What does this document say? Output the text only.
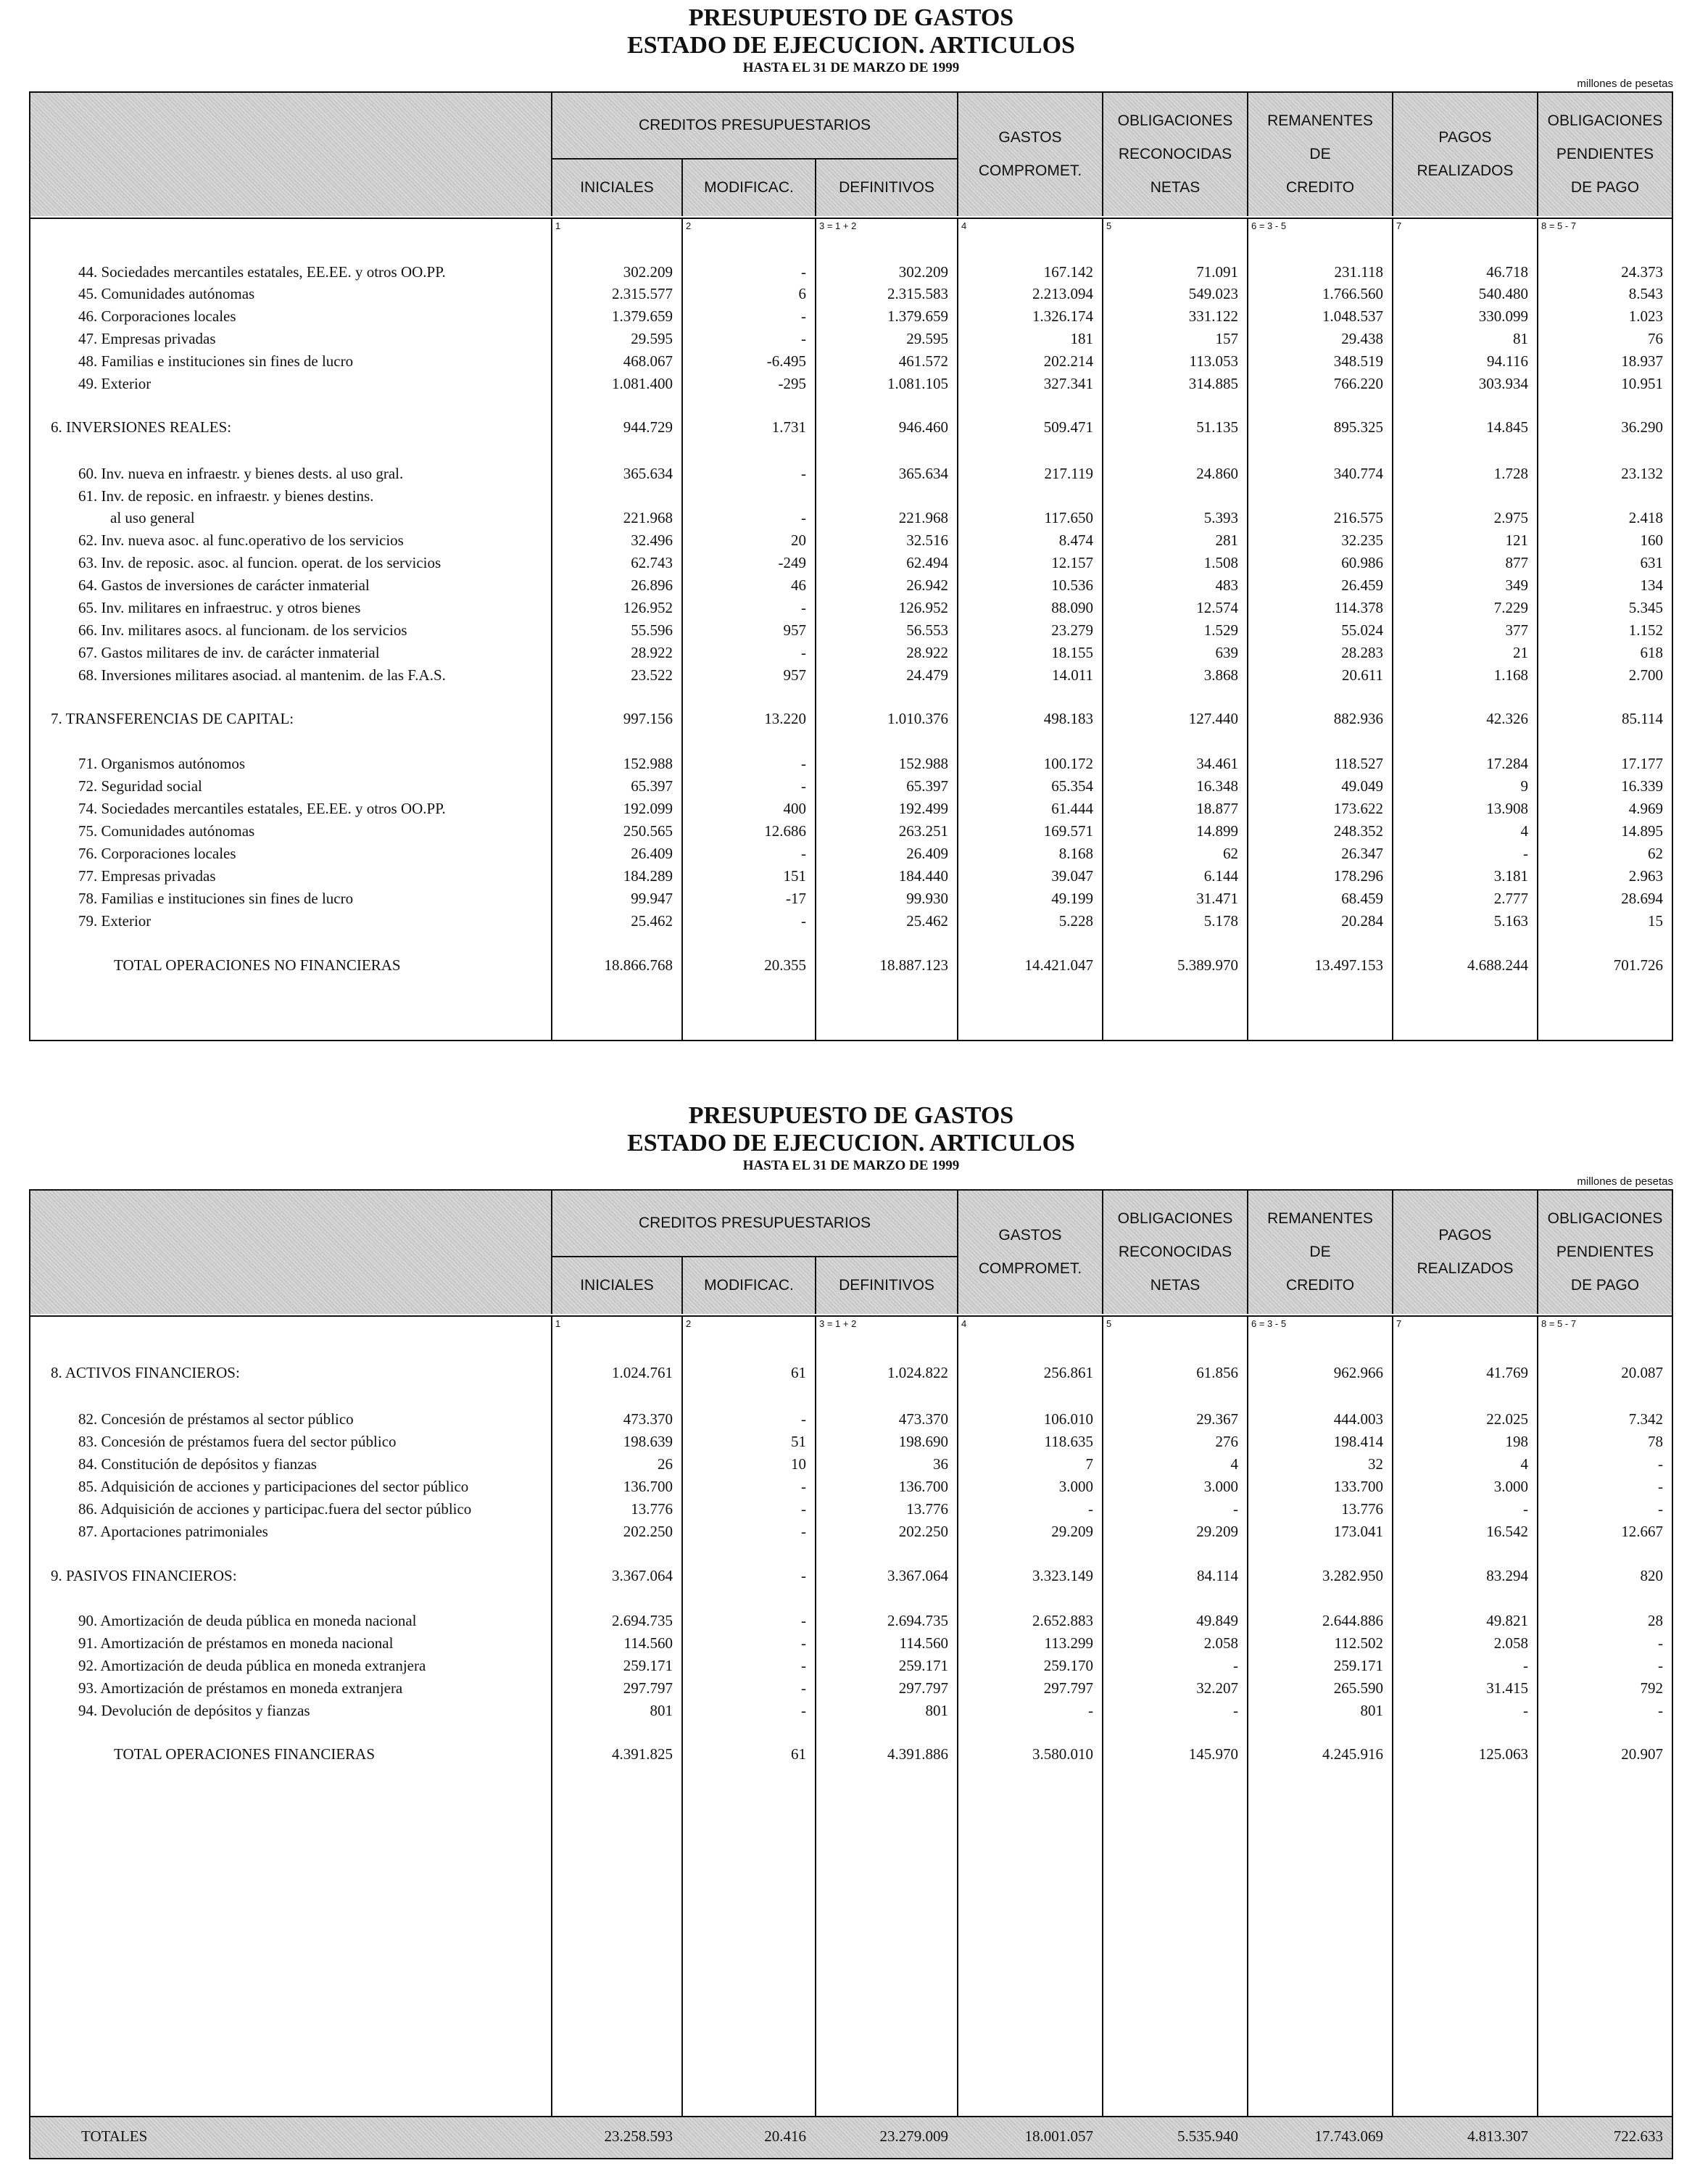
PRESUPUESTO DE GASTOS
ESTADO DE EJECUCION. ARTICULOS
HASTA EL 31 DE MARZO DE 1999
millones de pesetas
CREDITOS PRESUPUESTARIOS
INICIALES	MODIFICAC.	DEFINITIVOS
GASTOS
COMPROMET.
OBLIGACIONES
RECONOCIDAS
NETAS
REMANENTES
DE
CREDITO
PAGOS
REALIZADOS
OBLIGACIONES
PENDIENTES
DE PAGO
1	2	3 = 1 + 2	4	5	6 = 3 - 5	7	8 = 5 - 7
44. Sociedades mercantiles estatales, EE.EE. y otros OO.PP.	302.209	-	302.209	167.142	71.091	231.118	46.718	24.373
45. Comunidades autónomas	2.315.577	6	2.315.583	2.213.094	549.023	1.766.560	540.480	8.543
46. Corporaciones locales	1.379.659	-	1.379.659	1.326.174	331.122	1.048.537	330.099	1.023
47. Empresas privadas	29.595	-	29.595	181	157	29.438	81	76
48. Familias e instituciones sin fines de lucro	468.067	-6.495	461.572	202.214	113.053	348.519	94.116	18.937
49. Exterior	1.081.400	-295	1.081.105	327.341	314.885	766.220	303.934	10.951
6. INVERSIONES REALES:	944.729	1.731	946.460	509.471	51.135	895.325	14.845	36.290
60. Inv. nueva en infraestr. y bienes dests. al uso gral.	365.634	-	365.634	217.119	24.860	340.774	1.728	23.132
61. Inv. de reposic. en infraestr. y bienes destins.
al uso general	221.968	-	221.968	117.650	5.393	216.575	2.975	2.418
62. Inv. nueva asoc. al func.operativo de los servicios	32.496	20	32.516	8.474	281	32.235	121	160
63. Inv. de reposic. asoc. al funcion. operat. de los servicios	62.743	-249	62.494	12.157	1.508	60.986	877	631
64. Gastos de inversiones de carácter inmaterial	26.896	46	26.942	10.536	483	26.459	349	134
65. Inv. militares en infraestruc. y otros bienes	126.952	-	126.952	88.090	12.574	114.378	7.229	5.345
66. Inv. militares asocs. al funcionam. de los servicios	55.596	957	56.553	23.279	1.529	55.024	377	1.152
67. Gastos militares de inv. de carácter inmaterial	28.922	-	28.922	18.155	639	28.283	21	618
68. Inversiones militares asociad. al mantenim. de las F.A.S.	23.522	957	24.479	14.011	3.868	20.611	1.168	2.700
7. TRANSFERENCIAS DE CAPITAL:	997.156	13.220	1.010.376	498.183	127.440	882.936	42.326	85.114
71. Organismos autónomos	152.988	-	152.988	100.172	34.461	118.527	17.284	17.177
72. Seguridad social	65.397	-	65.397	65.354	16.348	49.049	9	16.339
74. Sociedades mercantiles estatales, EE.EE. y otros OO.PP.	192.099	400	192.499	61.444	18.877	173.622	13.908	4.969
75. Comunidades autónomas	250.565	12.686	263.251	169.571	14.899	248.352	4	14.895
76. Corporaciones locales	26.409	-	26.409	8.168	62	26.347	-	62
77. Empresas privadas	184.289	151	184.440	39.047	6.144	178.296	3.181	2.963
78. Familias e instituciones sin fines de lucro	99.947	-17	99.930	49.199	31.471	68.459	2.777	28.694
79. Exterior	25.462	-	25.462	5.228	5.178	20.284	5.163	15
TOTAL OPERACIONES NO FINANCIERAS	18.866.768	20.355	18.887.123	14.421.047	5.389.970	13.497.153	4.688.244	701.726
PRESUPUESTO DE GASTOS
ESTADO DE EJECUCION. ARTICULOS
HASTA EL 31 DE MARZO DE 1999
millones de pesetas
CREDITOS PRESUPUESTARIOS
INICIALES	MODIFICAC.	DEFINITIVOS
GASTOS
COMPROMET.
OBLIGACIONES
RECONOCIDAS
NETAS
REMANENTES
DE
CREDITO
PAGOS
REALIZADOS
OBLIGACIONES
PENDIENTES
DE PAGO
1	2	3 = 1 + 2	4	5	6 = 3 - 5	7	8 = 5 - 7
8. ACTIVOS FINANCIEROS:	1.024.761	61	1.024.822	256.861	61.856	962.966	41.769	20.087
82. Concesión de préstamos al sector público	473.370	-	473.370	106.010	29.367	444.003	22.025	7.342
83. Concesión de préstamos fuera del sector público	198.639	51	198.690	118.635	276	198.414	198	78
84. Constitución de depósitos y fianzas	26	10	36	7	4	32	4	-
85. Adquisición de acciones y participaciones del sector público	136.700	-	136.700	3.000	3.000	133.700	3.000	-
86. Adquisición de acciones y participac.fuera del sector público	13.776	-	13.776	-	-	13.776	-	-
87. Aportaciones patrimoniales	202.250	-	202.250	29.209	29.209	173.041	16.542	12.667
9. PASIVOS FINANCIEROS:	3.367.064	-	3.367.064	3.323.149	84.114	3.282.950	83.294	820
90. Amortización de deuda pública en moneda nacional	2.694.735	-	2.694.735	2.652.883	49.849	2.644.886	49.821	28
91. Amortización de préstamos en moneda nacional	114.560	-	114.560	113.299	2.058	112.502	2.058	-
92. Amortización de deuda pública en moneda extranjera	259.171	-	259.171	259.170	-	259.171	-	-
93. Amortización de préstamos en moneda extranjera	297.797	-	297.797	297.797	32.207	265.590	31.415	792
94. Devolución de depósitos y fianzas	801	-	801	-	-	801	-	-
TOTAL OPERACIONES FINANCIERAS	4.391.825	61	4.391.886	3.580.010	145.970	4.245.916	125.063	20.907
TOTALES	23.258.593	20.416	23.279.009	18.001.057	5.535.940	17.743.069	4.813.307	722.633
